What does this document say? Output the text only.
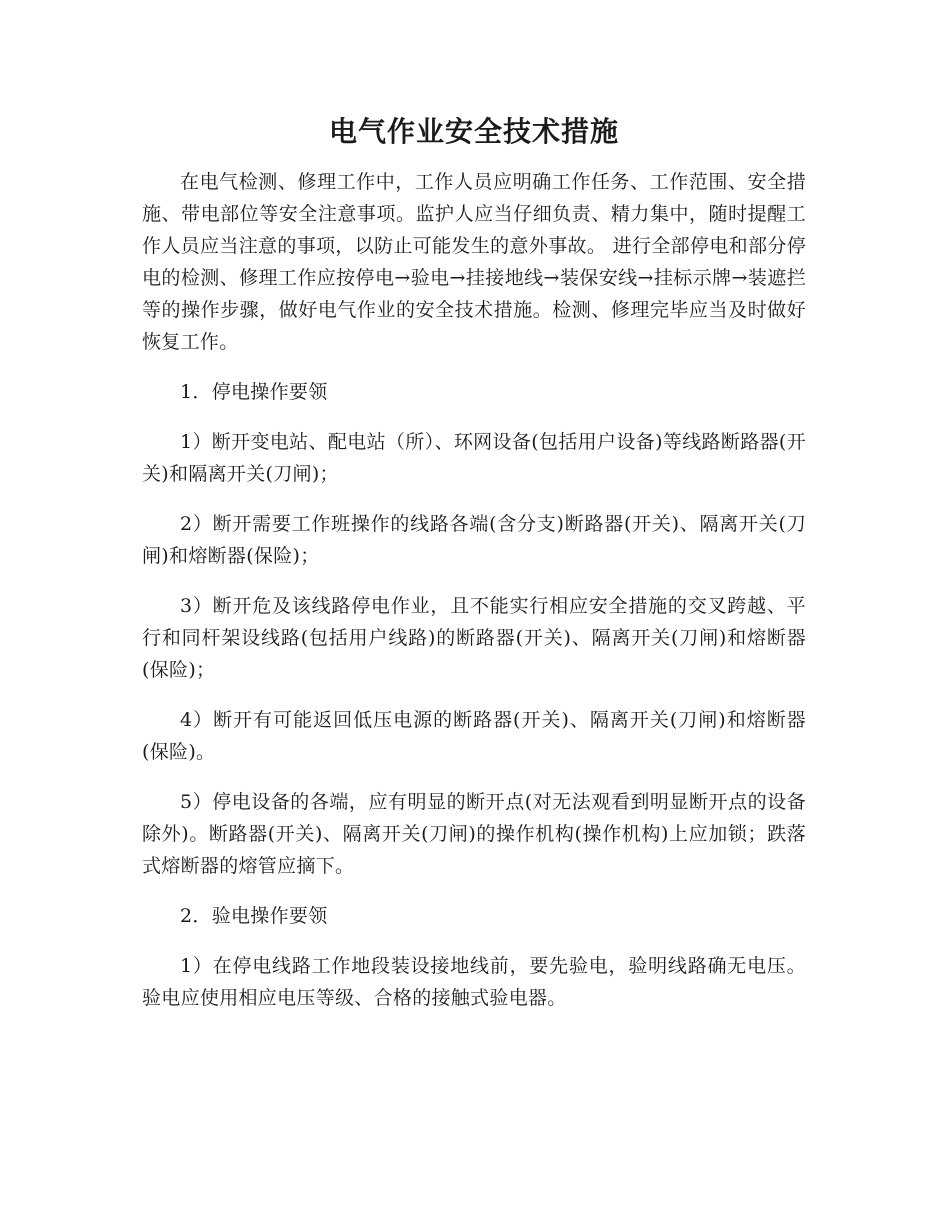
电气作业安全技术措施

在电气检测、修理工作中，工作人员应明确工作任务、工作范围、安全措施、带电部位等安全注意事项。监护人应当仔细负责、精力集中，随时提醒工作人员应当注意的事项，以防止可能发生的意外事故。 进行全部停电和部分停电的检测、修理工作应按停电→验电→挂接地线→装保安线→挂标示牌→装遮拦等的操作步骤，做好电气作业的安全技术措施。检测、修理完毕应当及时做好恢复工作。

1．停电操作要领

1）断开变电站、配电站（所）、环网设备(包括用户设备)等线路断路器(开关)和隔离开关(刀闸)；

2）断开需要工作班操作的线路各端(含分支)断路器(开关)、隔离开关(刀闸)和熔断器(保险)；

3）断开危及该线路停电作业，且不能实行相应安全措施的交叉跨越、平行和同杆架设线路(包括用户线路)的断路器(开关)、隔离开关(刀闸)和熔断器(保险)；

4）断开有可能返回低压电源的断路器(开关)、隔离开关(刀闸)和熔断器(保险)。

5）停电设备的各端，应有明显的断开点(对无法观看到明显断开点的设备除外)。断路器(开关)、隔离开关(刀闸)的操作机构(操作机构)上应加锁；跌落式熔断器的熔管应摘下。

2．验电操作要领

1）在停电线路工作地段装设接地线前，要先验电，验明线路确无电压。验电应使用相应电压等级、合格的接触式验电器。
